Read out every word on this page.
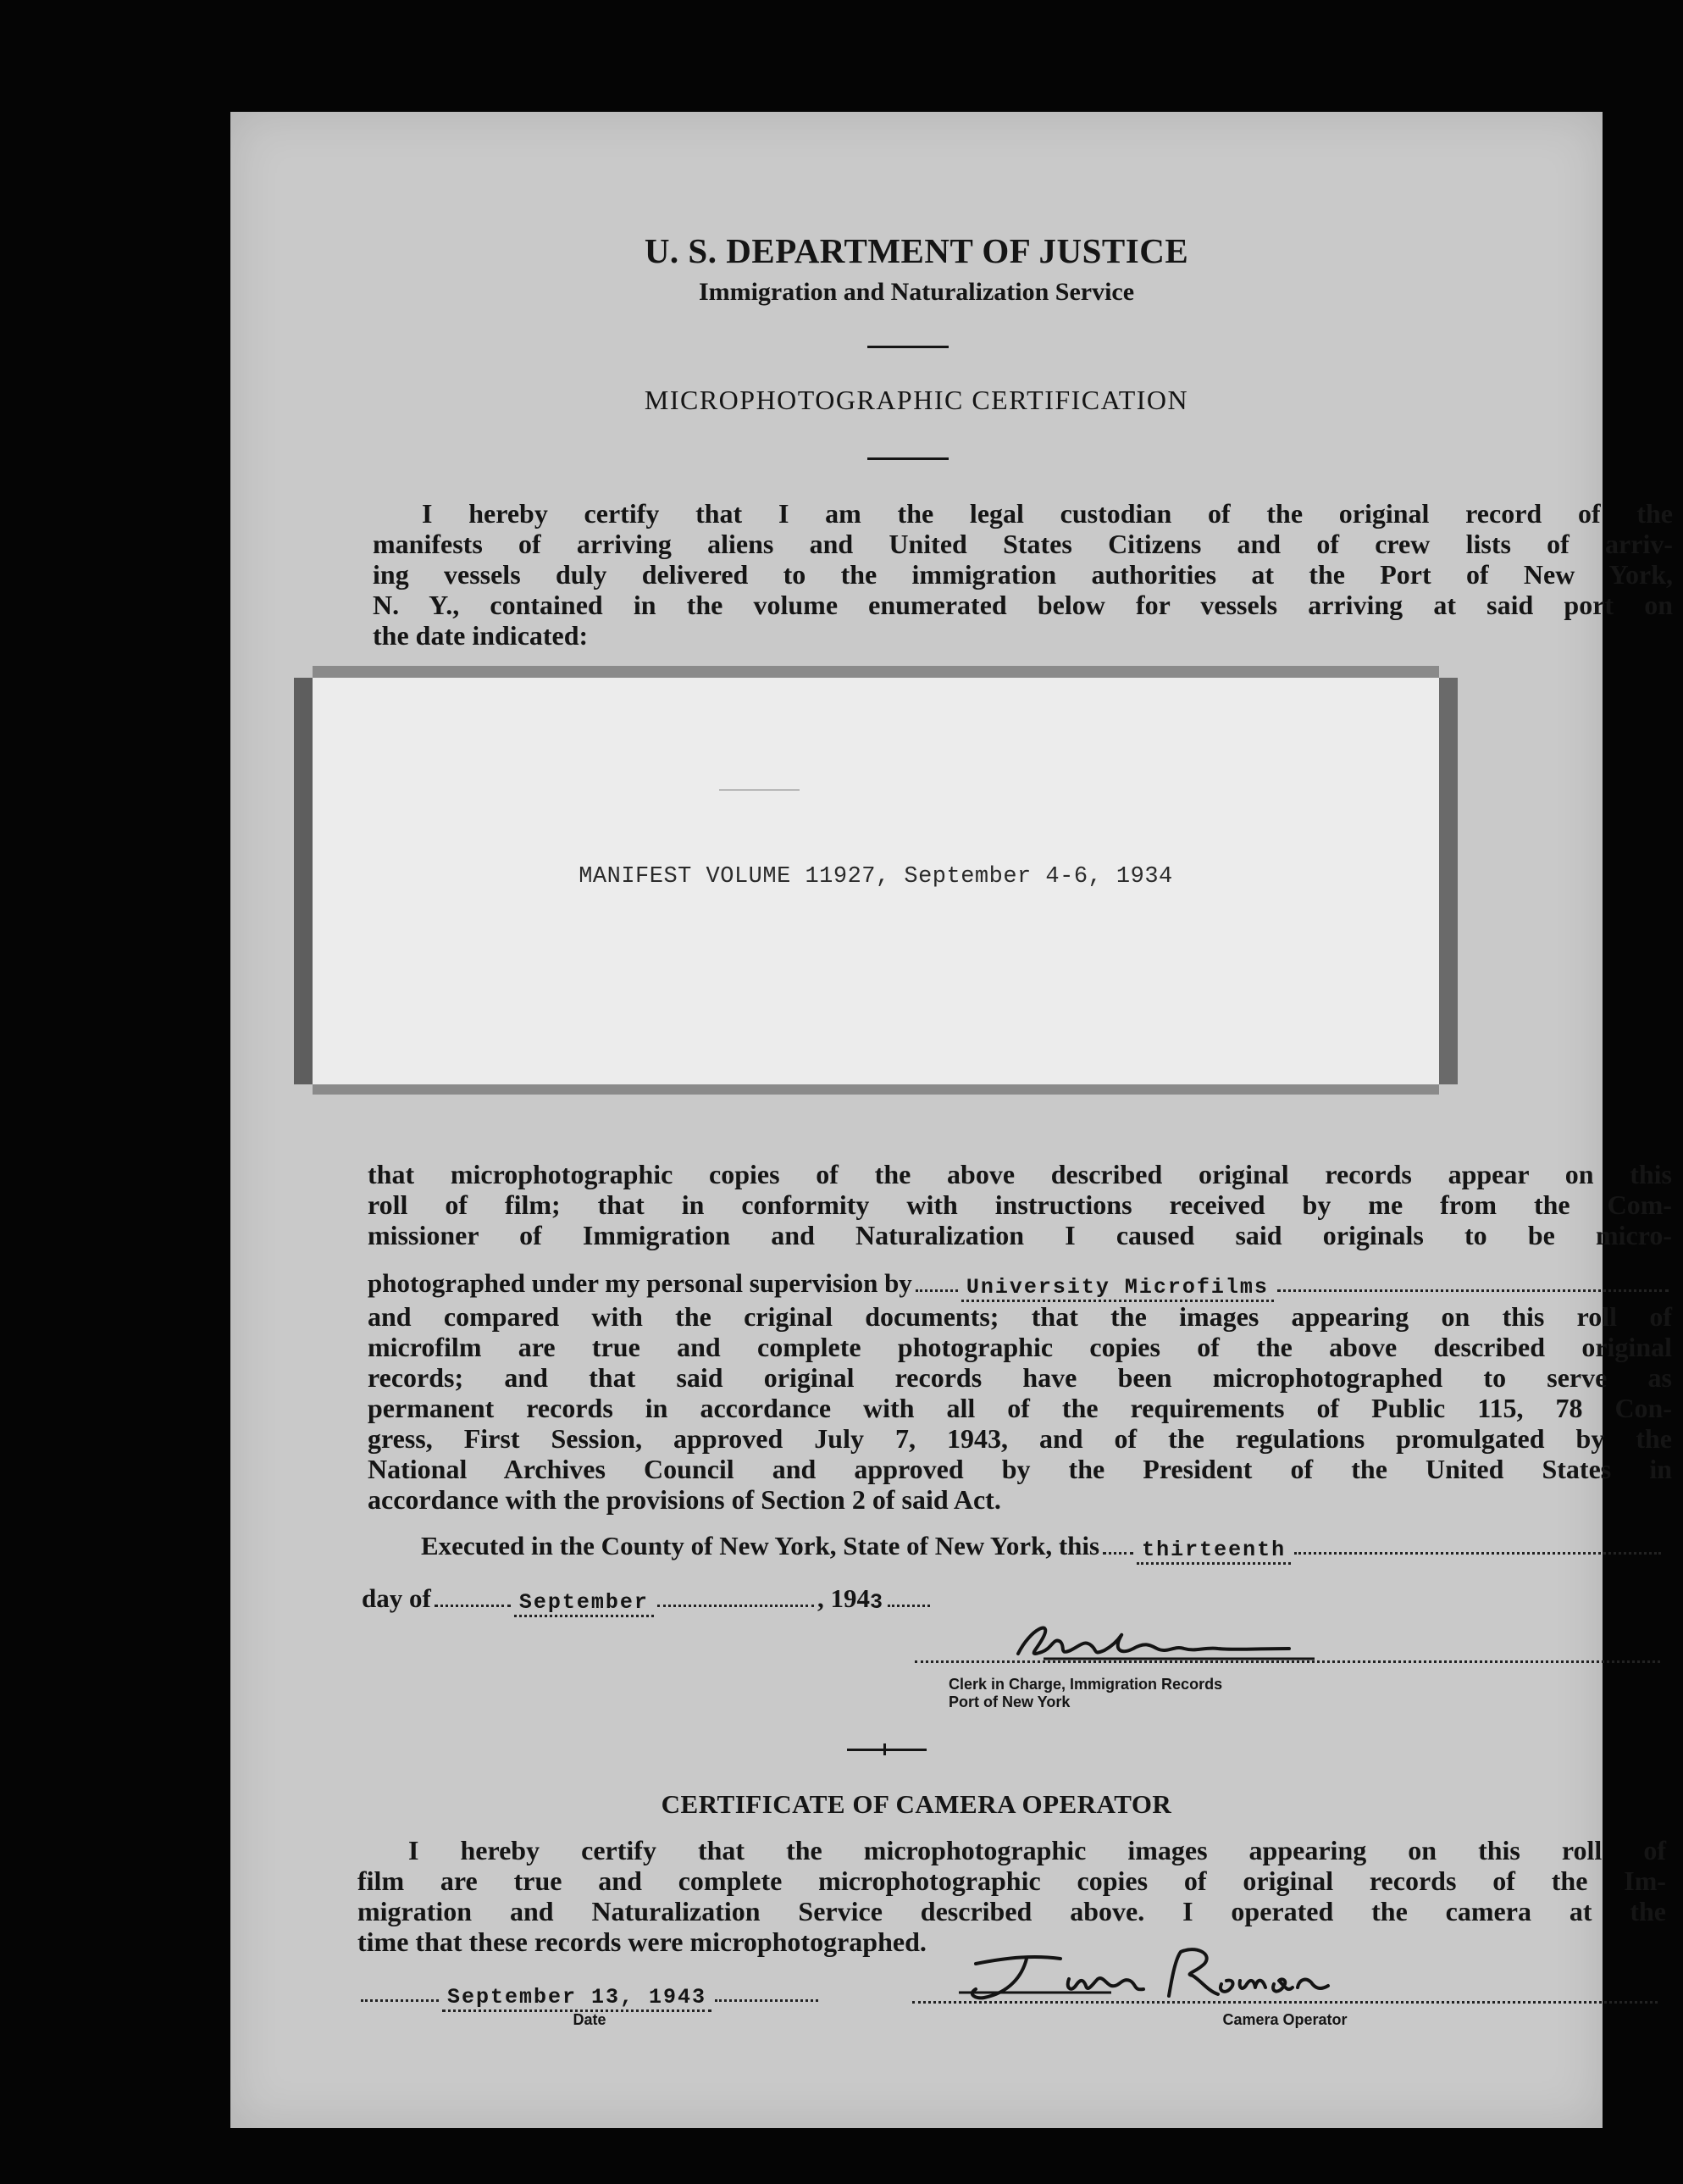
U. S. DEPARTMENT OF JUSTICE
Immigration and Naturalization Service
MICROPHOTOGRAPHIC CERTIFICATION
I hereby certify that I am the legal custodian of the original record of the
manifests of arriving aliens and United States Citizens and of crew lists of arriv-
ing vessels duly delivered to the immigration authorities at the Port of New York,
N. Y., contained in the volume enumerated below for vessels arriving at said port on
the date indicated:
MANIFEST VOLUME 11927, September 4-6, 1934
that microphotographic copies of the above described original records appear on this
roll of film; that in conformity with instructions received by me from the Com-
missioner of Immigration and Naturalization I caused said originals to be micro-
photographed under my personal supervision by	University Microfilms
and compared with the criginal documents; that the images appearing on this roll of
microfilm are true and complete photographic copies of the above described original
records; and that said original records have been microphotographed to serve as
permanent records in accordance with all of the requirements of Public 115, 78 Con-
gress, First Session, approved July 7, 1943, and of the regulations promulgated by the
National Archives Council and approved by the President of the United States in
accordance with the provisions of Section 2 of said Act.
Executed in the County of New York, State of New York, this thirteenth
day of	September	, 194 3
Clerk in Charge, Immigration Records
Port of New York
CERTIFICATE OF CAMERA OPERATOR
I hereby certify that the microphotographic images appearing on this roll of
film are true and complete microphotographic copies of original records of the Im-
migration and Naturalization Service described above. I operated the camera at the
time that these records were microphotographed.
September 13, 1943
Date	Camera Operator
